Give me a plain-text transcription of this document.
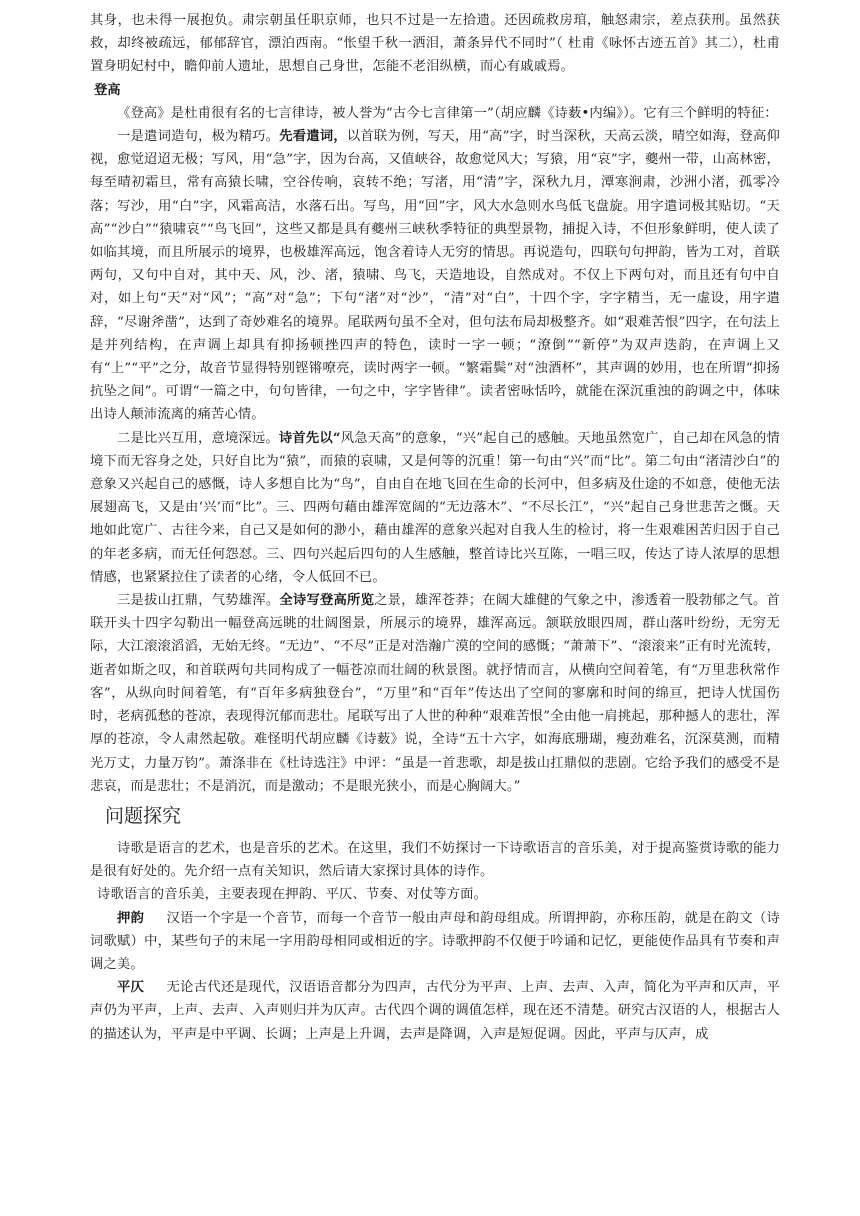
其身，也未得一展抱负。肃宗朝虽任职京师，也只不过是一左拾遗。还因疏救房琯，触怒肃宗，差点获刑。虽然获救，却终被疏远，郁郁辞官，漂泊西南。“怅望千秋一洒泪，萧条异代不同时”（ 杜甫《咏怀古迹五首》其二），杜甫置身明妃村中，瞻仰前人遗址，思想自己身世，怎能不老泪纵横，而心有戚戚焉。

登高

《登高》是杜甫很有名的七言律诗，被人誉为“古今七言律第一”（胡应麟《诗薮•内编》）。它有三个鲜明的特征：

一是遣词造句，极为精巧。先看遣词，以首联为例，写天，用“高”字，时当深秋，天高云淡，晴空如海，登高仰视，愈觉迢迢无极；写风，用“急”字，因为台高，又值峡谷，故愈觉风大；写猿，用“哀”字，夔州一带，山高林密，每至晴初霜旦，常有高猿长啸，空谷传响，哀转不绝；写渚，用“清”字，深秋九月，潭寒涧肃，沙洲小渚，孤零冷落；写沙，用“白”字，风霜高洁，水落石出。写鸟，用“回”字，风大水急则水鸟低飞盘旋。用字遣词极其贴切。“天高”“沙白”“猿啸哀”“鸟飞回”，这些又都是具有夔州三峡秋季特征的典型景物，捕捉入诗，不但形象鲜明，使人读了如临其境，而且所展示的境界，也极雄浑高远，饱含着诗人无穷的情思。再说造句，四联句句押韵，皆为工对，首联两句，又句中自对，其中天、风，沙、渚，猿啸、鸟飞，天造地设，自然成对。不仅上下两句对，而且还有句中自对，如上句“天”对“风”；“高”对“急”；下句“渚”对“沙”，“清”对“白”，十四个字，字字精当，无一虚设，用字遣辞，“尽谢斧凿”，达到了奇妙难名的境界。尾联两句虽不全对，但句法布局却极整齐。如“艰难苦恨”四字，在句法上是并列结构，在声调上却具有抑扬顿挫四声的特色，读时一字一顿；“潦倒”“新停”为双声迭韵，在声调上又有“上”“平”之分，故音节显得特别铿锵嘹亮，读时两字一顿。“繁霜鬓”对“浊酒杯”，其声调的妙用，也在所谓“抑扬抗坠之间”。可谓“一篇之中，句句皆律，一句之中，字字皆律”。读者密咏恬吟，就能在深沉重浊的韵调之中，体味出诗人颠沛流离的痛苦心情。

二是比兴互用，意境深远。诗首先以“风急天高”的意象，“兴”起自己的感触。天地虽然宽广，自己却在风急的情境下而无容身之处，只好自比为“猿”，而猿的哀啸，又是何等的沉重！第一句由“兴”而“比”。第二句由“渚清沙白”的意象又兴起自己的感慨，诗人多想自比为“鸟”，自由自在地飞回在生命的长河中，但多病及仕途的不如意，使他无法展翅高飞，又是由‘兴’而“比”。三、四两句藉由雄浑宽阔的“无边落木”、“不尽长江”，“兴”起自己身世悲苦之慨。天地如此宽广、古往今来，自己又是如何的渺小，藉由雄浑的意象兴起对自我人生的检讨，将一生艰难困苦归因于自己的年老多病，而无任何怨怼。三、四句兴起后四句的人生感触，整首诗比兴互陈，一唱三叹，传达了诗人浓厚的思想情感，也紧紧拉住了读者的心绪，令人低回不已。

三是拔山扛鼎，气势雄浑。全诗写登高所览之景，雄浑苍莽；在阔大雄健的气象之中，渗透着一股勃郁之气。首联开头十四字勾勒出一幅登高远眺的壮阔图景，所展示的境界，雄浑高远。颔联放眼四周，群山落叶纷纷，无穷无际，大江滚滚滔滔，无始无终。“无边”、“不尽”正是对浩瀚广漠的空间的感慨；“萧萧下”、“滚滚来”正有时光流转，逝者如斯之叹，和首联两句共同构成了一幅苍凉而壮阔的秋景图。就抒情而言，从横向空间着笔，有“万里悲秋常作客”，从纵向时间着笔，有“百年多病独登台”，“万里”和“百年”传达出了空间的寥廓和时间的绵亘，把诗人忧国伤时，老病孤愁的苍凉，表现得沉郁而悲壮。尾联写出了人世的种种“艰难苦恨”全由他一肩挑起，那种撼人的悲壮，浑厚的苍凉，令人肃然起敬。难怪明代胡应麟《诗薮》说，全诗“五十六字，如海底珊瑚，瘦劲难名，沉深莫测，而精光万丈，力量万钧”。萧涤非在《杜诗选注》中评：“虽是一首悲歌，却是拔山扛鼎似的悲剧。它给予我们的感受不是悲哀，而是悲壮；不是消沉，而是激动；不是眼光狭小，而是心胸阔大。”

问题探究

诗歌是语言的艺术，也是音乐的艺术。在这里，我们不妨探讨一下诗歌语言的音乐美，对于提高鉴赏诗歌的能力是很有好处的。先介绍一点有关知识，然后请大家探讨具体的诗作。

诗歌语言的音乐美，主要表现在押韵、平仄、节奏、对仗等方面。

押韵 汉语一个字是一个音节，而每一个音节一般由声母和韵母组成。所谓押韵，亦称压韵，就是在韵文（诗词歌赋）中，某些句子的末尾一字用韵母相同或相近的字。诗歌押韵不仅便于吟诵和记忆，更能使作品具有节奏和声调之美。

平仄 无论古代还是现代，汉语语音都分为四声，古代分为平声、上声、去声、入声，简化为平声和仄声，平声仍为平声，上声、去声、入声则归并为仄声。古代四个调的调值怎样，现在还不清楚。研究古汉语的人，根据古人的描述认为，平声是中平调、长调；上声是上升调，去声是降调，入声是短促调。因此，平声与仄声，成
